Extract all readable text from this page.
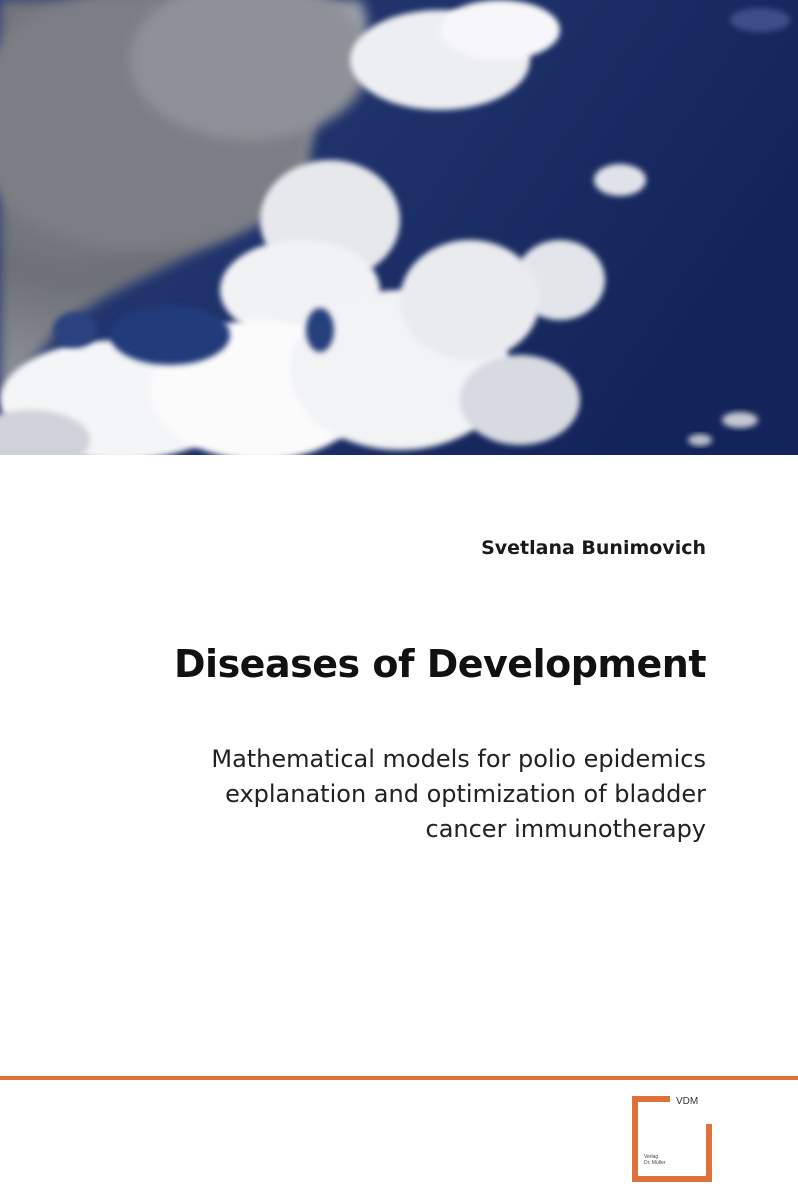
Svetlana Bunimovich
Diseases of Development
Mathematical models for polio epidemics
explanation and optimization of bladder
cancer immunotherapy
VDM
Verlag
Dr. Müller
